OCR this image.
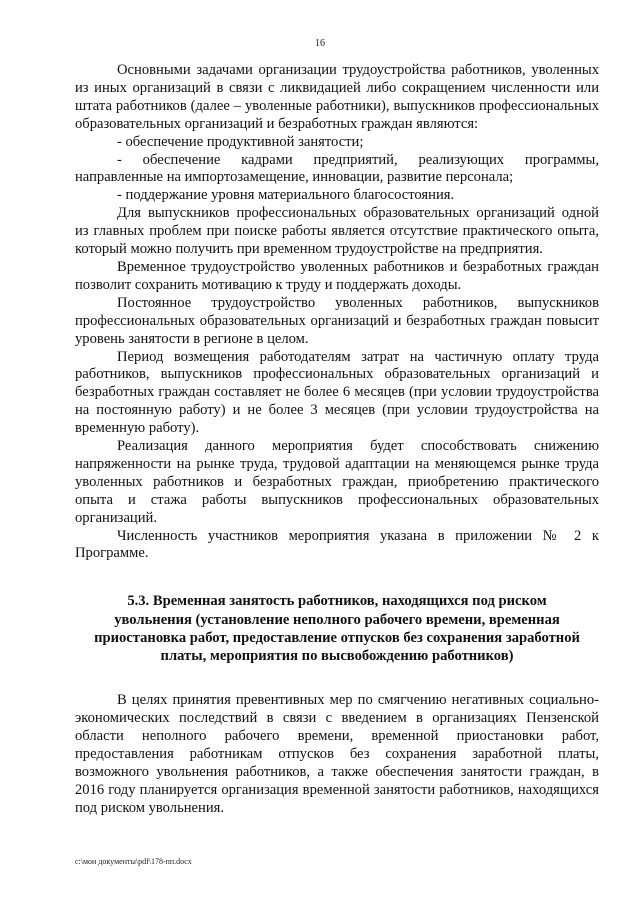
16

Основными задачами организации трудоустройства работников, уволенных из иных организаций в связи с ликвидацией либо сокращением численности или штата работников (далее – уволенные работники), выпускников профессиональных образовательных организаций и безработных граждан являются:

- обеспечение продуктивной занятости;

- обеспечение кадрами предприятий, реализующих программы, направленные на импортозамещение, инновации, развитие персонала;

- поддержание уровня материального благосостояния.

Для выпускников профессиональных образовательных организаций одной из главных проблем при поиске работы является отсутствие практического опыта, который можно получить при временном трудоустройстве на предприятия.

Временное трудоустройство уволенных работников и безработных граждан позволит сохранить мотивацию к труду и поддержать доходы.

Постоянное трудоустройство уволенных работников, выпускников профессиональных образовательных организаций и безработных граждан повысит уровень занятости в регионе в целом.

Период возмещения работодателям затрат на частичную оплату труда работников, выпускников профессиональных образовательных организаций и безработных граждан составляет не более 6 месяцев (при условии трудоустройства на постоянную работу) и не более 3 месяцев (при условии трудоустройства на временную работу).

Реализация данного мероприятия будет способствовать снижению напряженности на рынке труда, трудовой адаптации на меняющемся рынке труда уволенных работников и безработных граждан, приобретению практического опыта и стажа работы выпускников профессиональных образовательных организаций.

Численность участников мероприятия указана в приложении № 2 к Программе.

5.3. Временная занятость работников, находящихся под риском
увольнения (установление неполного рабочего времени, временная
приостановка работ, предоставление отпусков без сохранения заработной
платы, мероприятия по высвобождению работников)

В целях принятия превентивных мер по смягчению негативных социально-экономических последствий в связи с введением в организациях Пензенской области неполного рабочего времени, временной приостановки работ, предоставления работникам отпусков без сохранения заработной платы, возможного увольнения работников, а также обеспечения занятости граждан, в 2016 году планируется организация временной занятости работников, находящихся под риском увольнения.

c:\мои документы\pdf\178-пп.docx
